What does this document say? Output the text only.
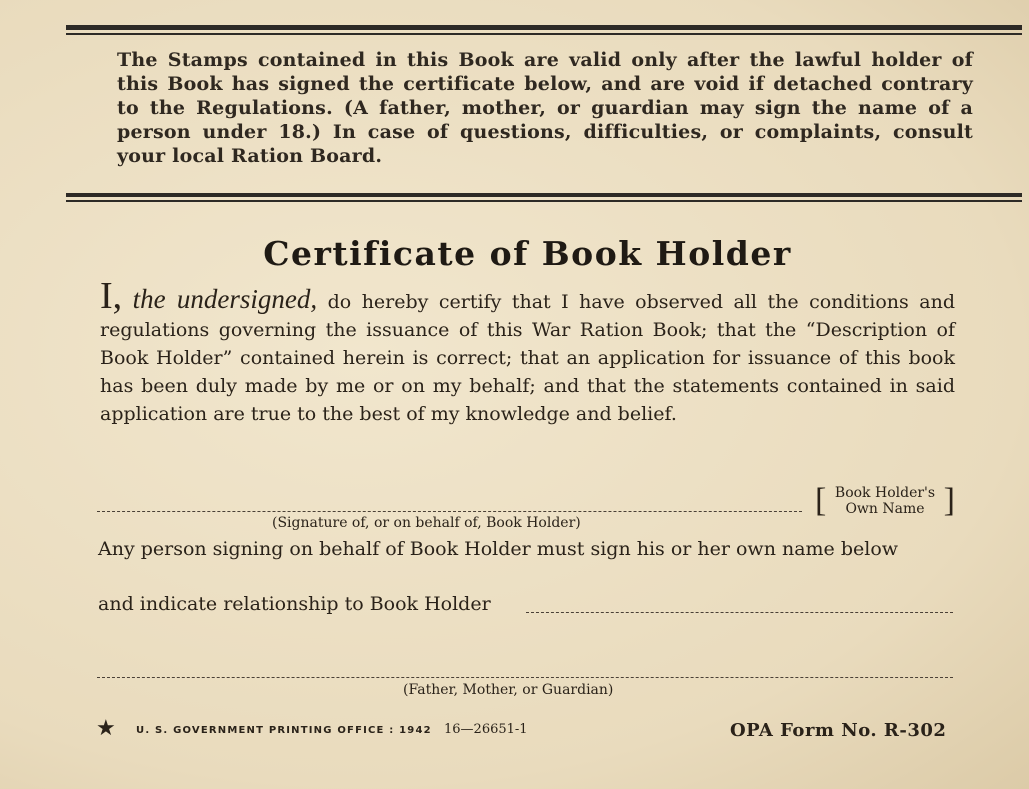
The Stamps contained in this Book are valid only after the lawful holder of this Book has signed the certificate below, and are void if detached contrary to the Regulations. (A father, mother, or guardian may sign the name of a person under 18.) In case of questions, difficulties, or complaints, consult your local Ration Board.
Certificate of Book Holder
I, the undersigned, do hereby certify that I have observed all the conditions and regulations governing the issuance of this War Ration Book; that the “Description of Book Holder” contained herein is correct; that an application for issuance of this book has been duly made by me or on my behalf; and that the statements contained in said application are true to the best of my knowledge and belief.
[ Book Holder's
Own Name ]
(Signature of, or on behalf of, Book Holder)
Any person signing on behalf of Book Holder must sign his or her own name below
and indicate relationship to Book Holder
(Father, Mother, or Guardian)
★ U. S. GOVERNMENT PRINTING OFFICE : 1942 16—26651-1	OPA Form No. R-302
